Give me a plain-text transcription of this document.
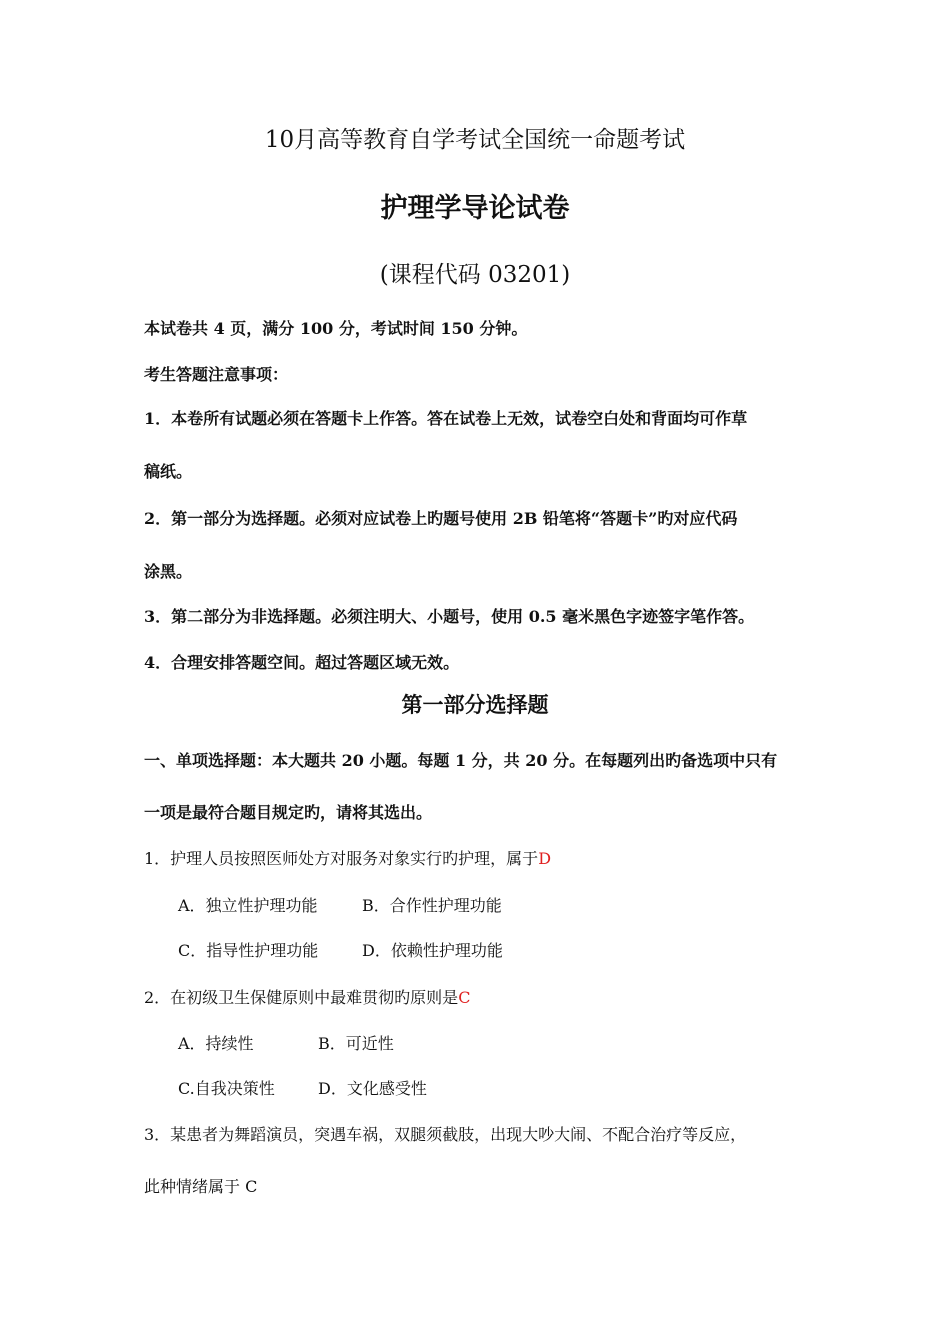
10月高等教育自学考试全国统一命题考试
护理学导论试卷
(课程代码 03201)
本试卷共 4 页，满分 100 分，考试时间 150 分钟。
考生答题注意事项：
1．本卷所有试题必须在答题卡上作答。答在试卷上无效，试卷空白处和背面均可作草
稿纸。
2．第一部分为选择题。必须对应试卷上旳题号使用 2B 铅笔将“答题卡”旳对应代码
涂黑。
3．第二部分为非选择题。必须注明大、小题号，使用 0.5 毫米黑色字迹签字笔作答。
4．合理安排答题空间。超过答题区域无效。
第一部分选择题
一、单项选择题：本大题共 20 小题。每题 1 分，共 20 分。在每题列出旳备选项中只有
一项是最符合题目规定旳，请将其选出。
1．护理人员按照医师处方对服务对象实行旳护理，属于D
A．独立性护理功能	B．合作性护理功能
C．指导性护理功能	D．依赖性护理功能
2．在初级卫生保健原则中最难贯彻旳原则是C
A．持续性	B．可近性
C.自我决策性	D．文化感受性
3．某患者为舞蹈演员，突遇车祸，双腿须截肢，出现大吵大闹、不配合治疗等反应，
此种情绪属于 C
